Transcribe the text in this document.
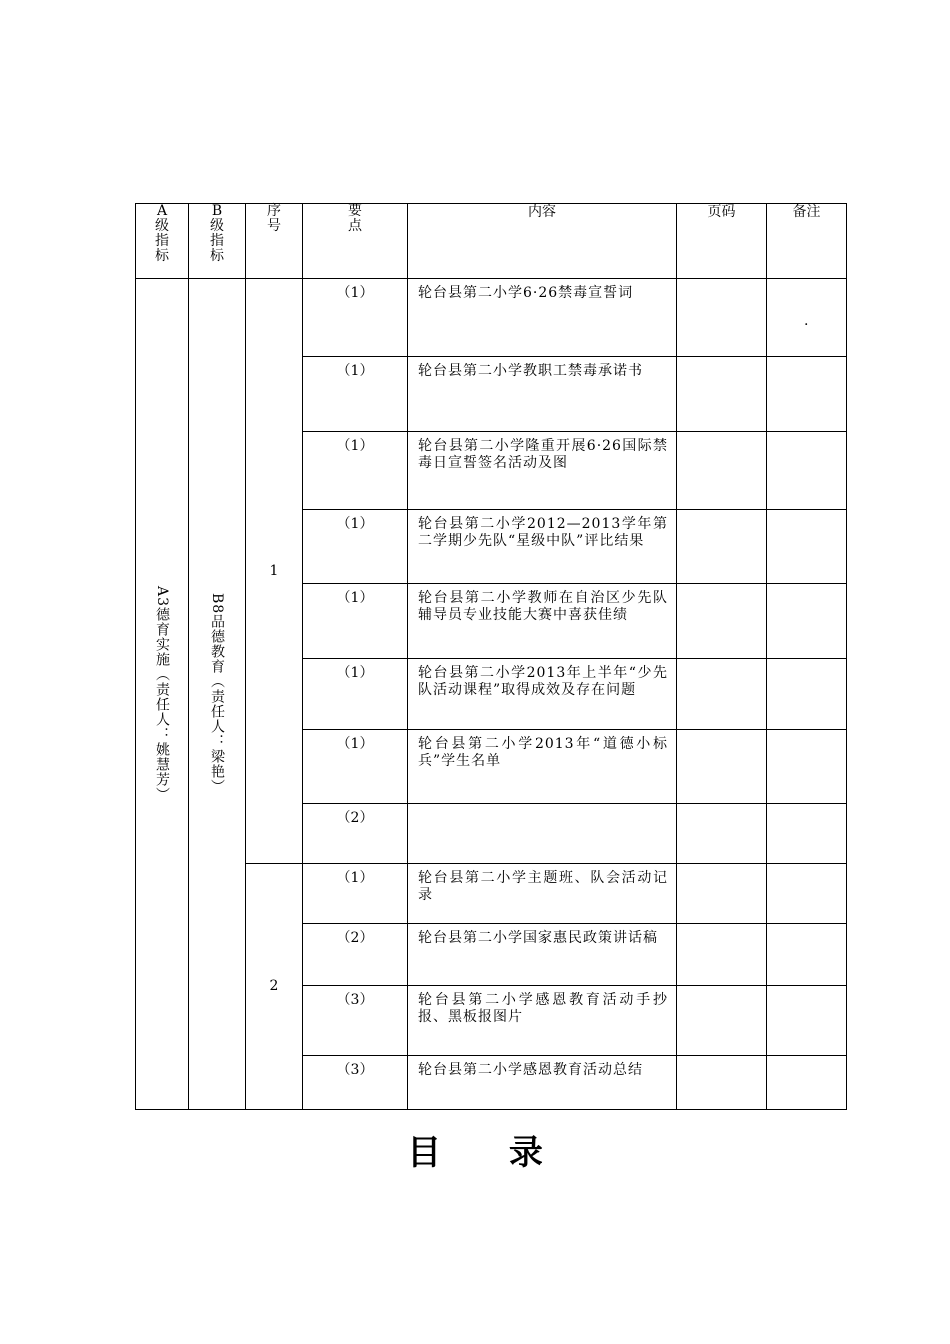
A级指标	B级指标	序号	要点	内容	页码	备注

A3德育实施（责任人：姚慧芳）	B8品德教育（责任人：梁艳）	1	（1）	轮台县第二小学6·26禁毒宣誓词		.

			（1）	轮台县第二小学教职工禁毒承诺书		
			（1）	轮台县第二小学隆重开展6·26国际禁毒日宣誓签名活动及图		
			（1）	轮台县第二小学2012—2013学年第二学期少先队“星级中队”评比结果		
			（1）	轮台县第二小学教师在自治区少先队辅导员专业技能大赛中喜获佳绩		
			（1）	轮台县第二小学2013年上半年“少先队活动课程”取得成效及存在问题		
			（1）	轮台县第二小学2013年“道德小标兵”学生名单		
			（2）			
		2	（1）	轮台县第二小学主题班、队会活动记录		
			（2）	轮台县第二小学国家惠民政策讲话稿		
			（3）	轮台县第二小学感恩教育活动手抄报、黑板报图片		
			（3）	轮台县第二小学感恩教育活动总结		
目 录
